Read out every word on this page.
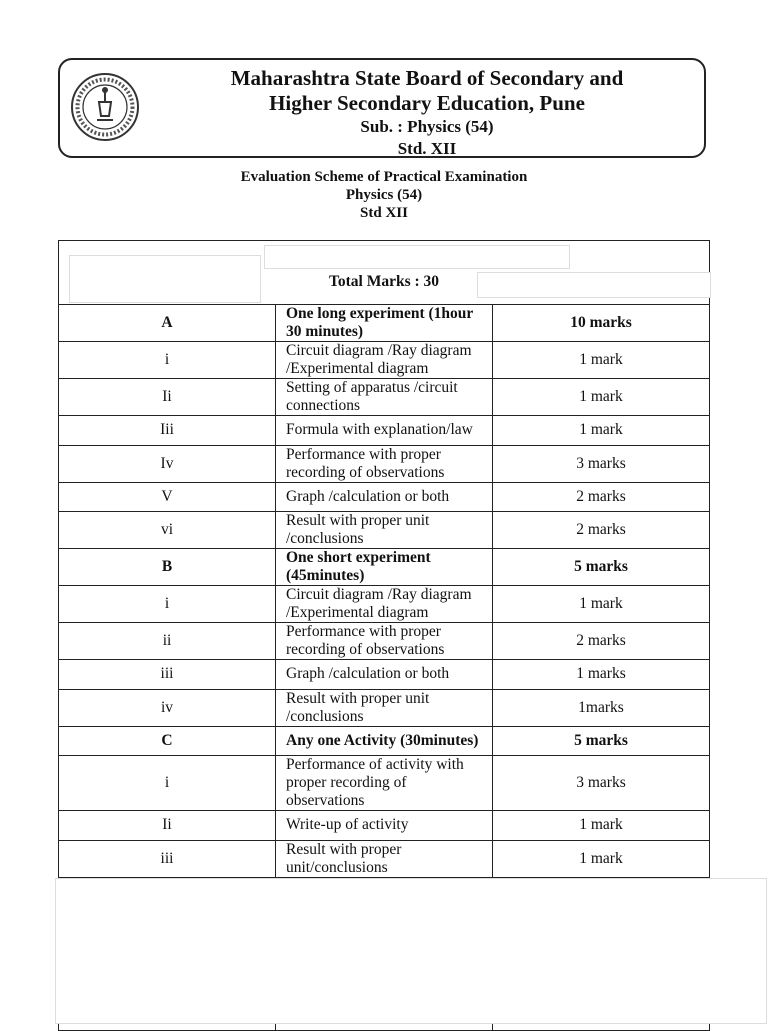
Maharashtra State Board of Secondary and
Higher Secondary Education, Pune
Sub. : Physics (54)
Std. XII
Evaluation Scheme of Practical Examination
Physics (54)
Std XII
Total Marks : 30		

A	One long experiment (1hour 30 minutes)	10 marks
i	Circuit diagram /Ray diagram /Experimental diagram	1 mark
Ii	Setting of apparatus /circuit connections	1 mark
Iii	Formula with explanation/law	1 mark
Iv	Performance with proper recording of observations	3 marks
V	Graph /calculation or both	2 marks
vi	Result with proper unit /conclusions	2 marks
B	One short experiment (45minutes)	5 marks
i	Circuit diagram /Ray diagram /Experimental diagram	1 mark
ii	Performance with proper recording of observations	2 marks
iii	Graph /calculation or both	1 marks
iv	Result with proper unit /conclusions	1marks
C	Any one Activity (30minutes)	5 marks
i	Performance of activity with proper recording of observations	3 marks
Ii	Write-up of activity	1 mark
iii	Result with proper unit/conclusions	1 mark
